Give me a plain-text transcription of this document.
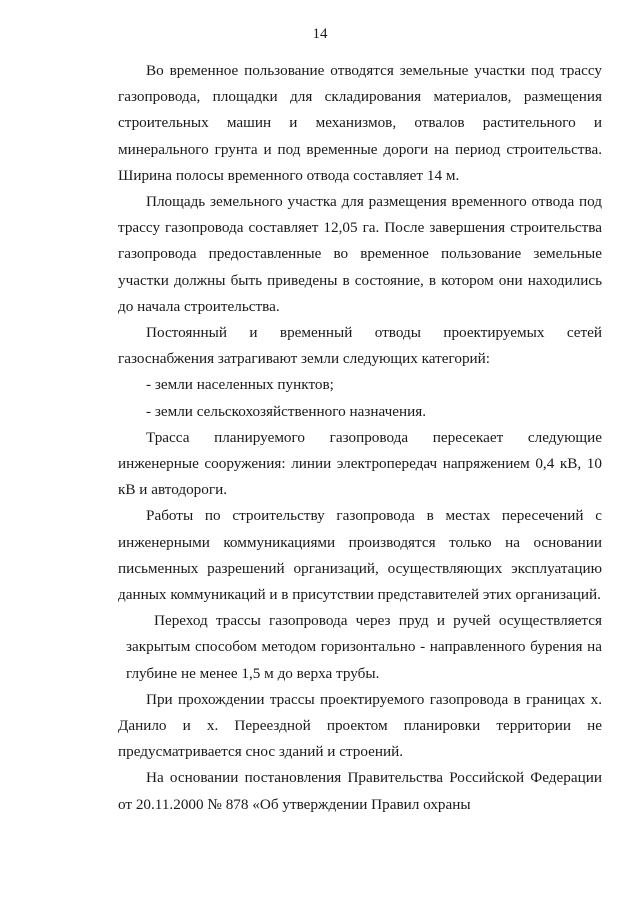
14

Во временное пользование отводятся земельные участки под трассу газопровода, площадки для складирования материалов, размещения строительных машин и механизмов, отвалов растительного и минерального грунта и под временные дороги на период строительства. Ширина полосы временного отвода составляет 14 м.

Площадь земельного участка для размещения временного отвода под трассу газопровода составляет 12,05 га. После завершения строительства газопровода предоставленные во временное пользование земельные участки должны быть приведены в состояние, в котором они находились до начала строительства.

Постоянный и временный отводы проектируемых сетей газоснабжения затрагивают земли следующих категорий:

- земли населенных пунктов;

- земли сельскохозяйственного назначения.

Трасса планируемого газопровода пересекает следующие инженерные сооружения: линии электропередач напряжением 0,4 кВ, 10 кВ и автодороги.

Работы по строительству газопровода в местах пересечений с инженерными коммуникациями производятся только на основании письменных разрешений организаций, осуществляющих эксплуатацию данных коммуникаций и в присутствии представителей этих организаций.

Переход трассы газопровода через пруд и ручей осуществляется закрытым способом методом горизонтально - направленного бурения на глубине не менее 1,5 м до верха трубы.

При прохождении трассы проектируемого газопровода в границах х. Данило и х. Переездной проектом планировки территории не предусматривается снос зданий и строений.

На основании постановления Правительства Российской Федерации от 20.11.2000 № 878 «Об утверждении Правил охраны
